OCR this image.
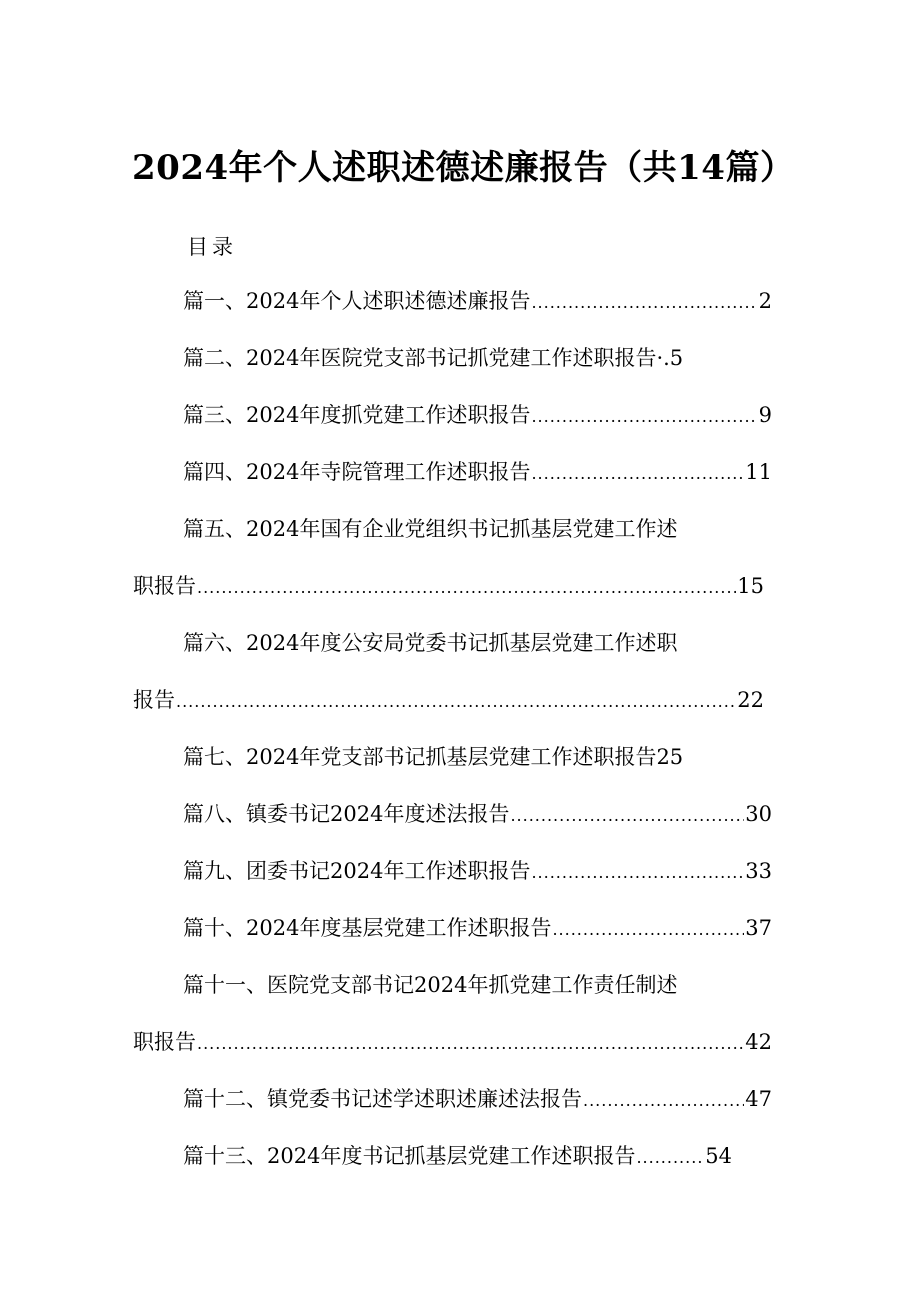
2024年个人述职述德述廉报告（共14篇）
目录
篇一、2024年个人述职述德述廉报告 .....	2
篇二、2024年医院党支部书记抓党建工作述职报告·.5
篇三、2024年度抓党建工作述职报告 .....	9
篇四、2024年寺院管理工作述职报告 .....	11
篇五、2024年国有企业党组织书记抓基层党建工作述
职报告 .....	15
篇六、2024年度公安局党委书记抓基层党建工作述职
报告 .....	22
篇七、2024年党支部书记抓基层党建工作述职报告25
篇八、镇委书记2024年度述法报告 .....	30
篇九、团委书记2024年工作述职报告 .....	33
篇十、2024年度基层党建工作述职报告 .....	37
篇十一、医院党支部书记2024年抓党建工作责任制述
职报告 .....	42
篇十二、镇党委书记述学述职述廉述法报告 .....	47
篇十三、2024年度书记抓基层党建工作述职报告 .....	54
